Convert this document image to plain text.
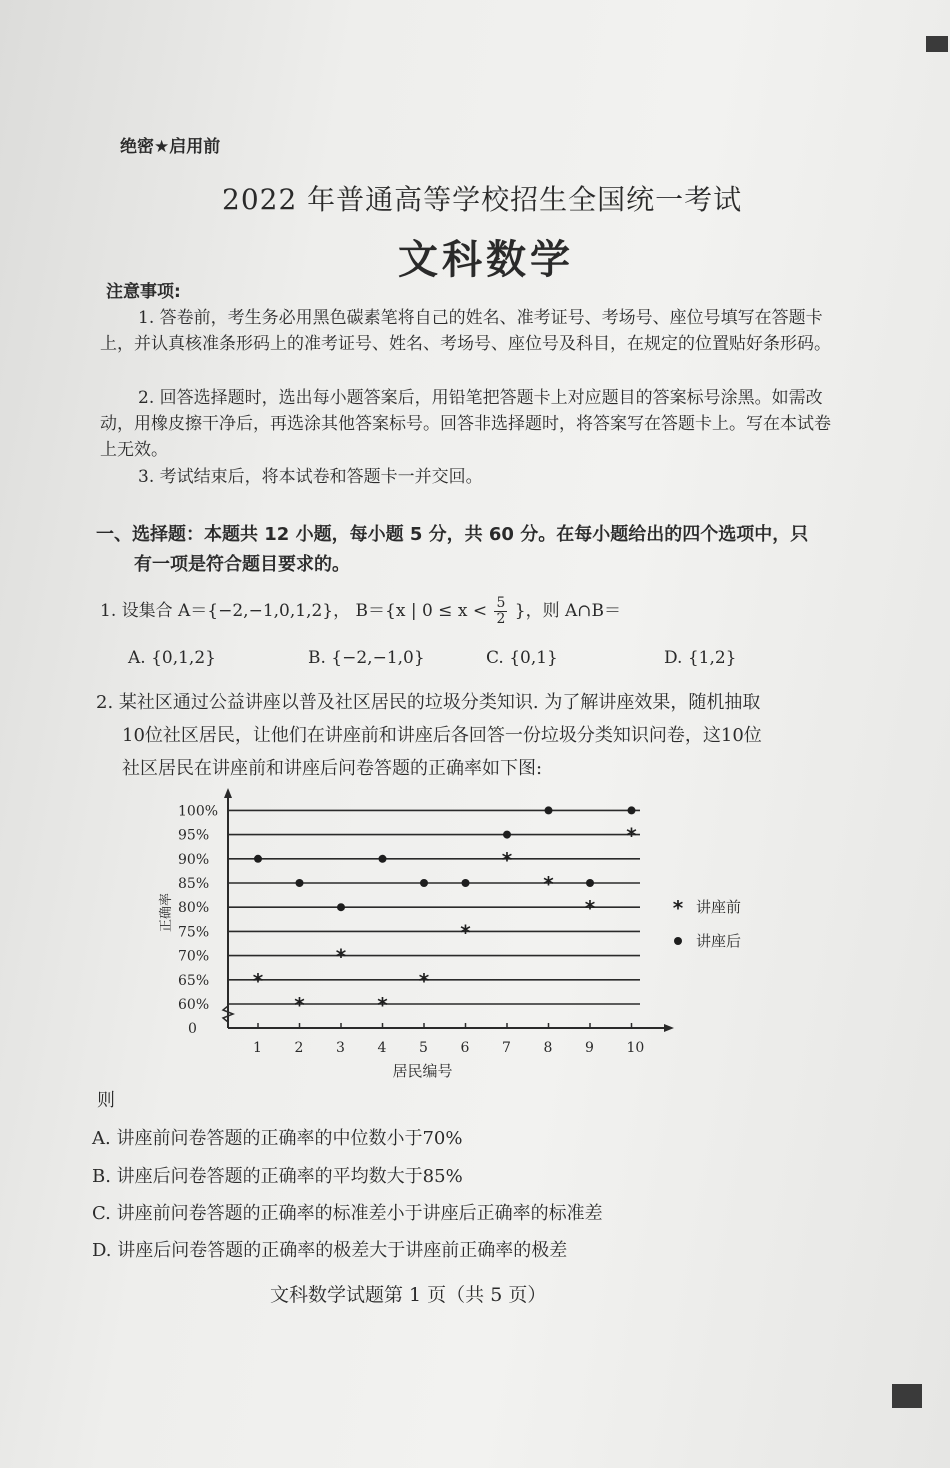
绝密★启用前
2022 年普通高等学校招生全国统一考试
文科数学
注意事项:
1. 答卷前，考生务必用黑色碳素笔将自己的姓名、准考证号、考场号、座位号填写在答题卡上，并认真核准条形码上的准考证号、姓名、考场号、座位号及科目，在规定的位置贴好条形码。
2. 回答选择题时，选出每小题答案后，用铅笔把答题卡上对应题目的答案标号涂黑。如需改动，用橡皮擦干净后，再选涂其他答案标号。回答非选择题时，将答案写在答题卡上。写在本试卷上无效。
3. 考试结束后，将本试卷和答题卡一并交回。
一、选择题：本题共 12 小题，每小题 5 分，共 60 分。在每小题给出的四个选项中，只
有一项是符合题目要求的。
1. 设集合 A＝{−2,−1,0,1,2}， B＝{x | $0 \le x < \frac{5}{2}$ }，则 A∩B＝
A. {0,1,2}	B. {−2,−1,0}	C. {0,1}	D. {1,2}
2. 某社区通过公益讲座以普及社区居民的垃圾分类知识. 为了解讲座效果，随机抽取
10位社区居民，让他们在讲座前和讲座后各回答一份垃圾分类知识问卷，这10位
社区居民在讲座前和讲座后问卷答题的正确率如下图:
0
60%
65%
70%
75%
80%
85%
90%
95%
100%
1 2 3 4 5 6 7 8 9 10
居民编号
正确率
*
*
*
*
*
*
*
*
*
*
* 讲座前
讲座后
则
A. 讲座前问卷答题的正确率的中位数小于70%
B. 讲座后问卷答题的正确率的平均数大于85%
C. 讲座前问卷答题的正确率的标准差小于讲座后正确率的标准差
D. 讲座后问卷答题的正确率的极差大于讲座前正确率的极差
文科数学试题第 1 页（共 5 页）
